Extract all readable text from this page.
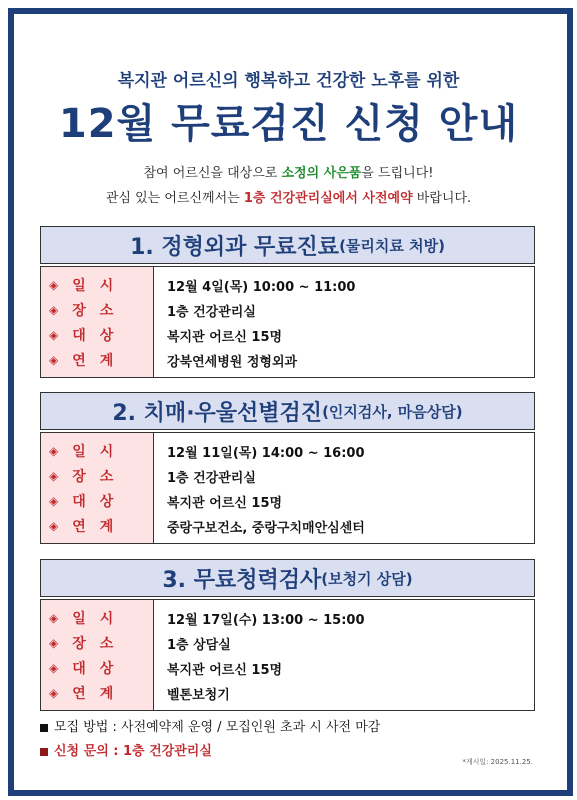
복지관 어르신의 행복하고 건강한 노후를 위한
12월 무료검진 신청 안내
참여 어르신을 대상으로 소정의 사은품을 드립니다!
관심 있는 어르신께서는 1층 건강관리실에서 사전예약 바랍니다.
1. 정형외과 무료진료 (물리치료 처방)
◈ 일시	12월 4일(목) 10:00 ~ 11:00
◈ 장소	1층 건강관리실
◈ 대상	복지관 어르신 15명
◈ 연계	강북연세병원 정형외과
2. 치매·우울선별검진 (인지검사, 마음상담)
◈ 일시	12월 11일(목) 14:00 ~ 16:00
◈ 장소	1층 건강관리실
◈ 대상	복지관 어르신 15명
◈ 연계	중랑구보건소, 중랑구치매안심센터
3. 무료청력검사 (보청기 상담)
◈ 일시	12월 17일(수) 13:00 ~ 15:00
◈ 장소	1층 상담실
◈ 대상	복지관 어르신 15명
◈ 연계	벨톤보청기
모집 방법 : 사전예약제 운영 / 모집인원 초과 시 사전 마감
신청 문의 : 1층 건강관리실
*게시일: 2025.11.25.
